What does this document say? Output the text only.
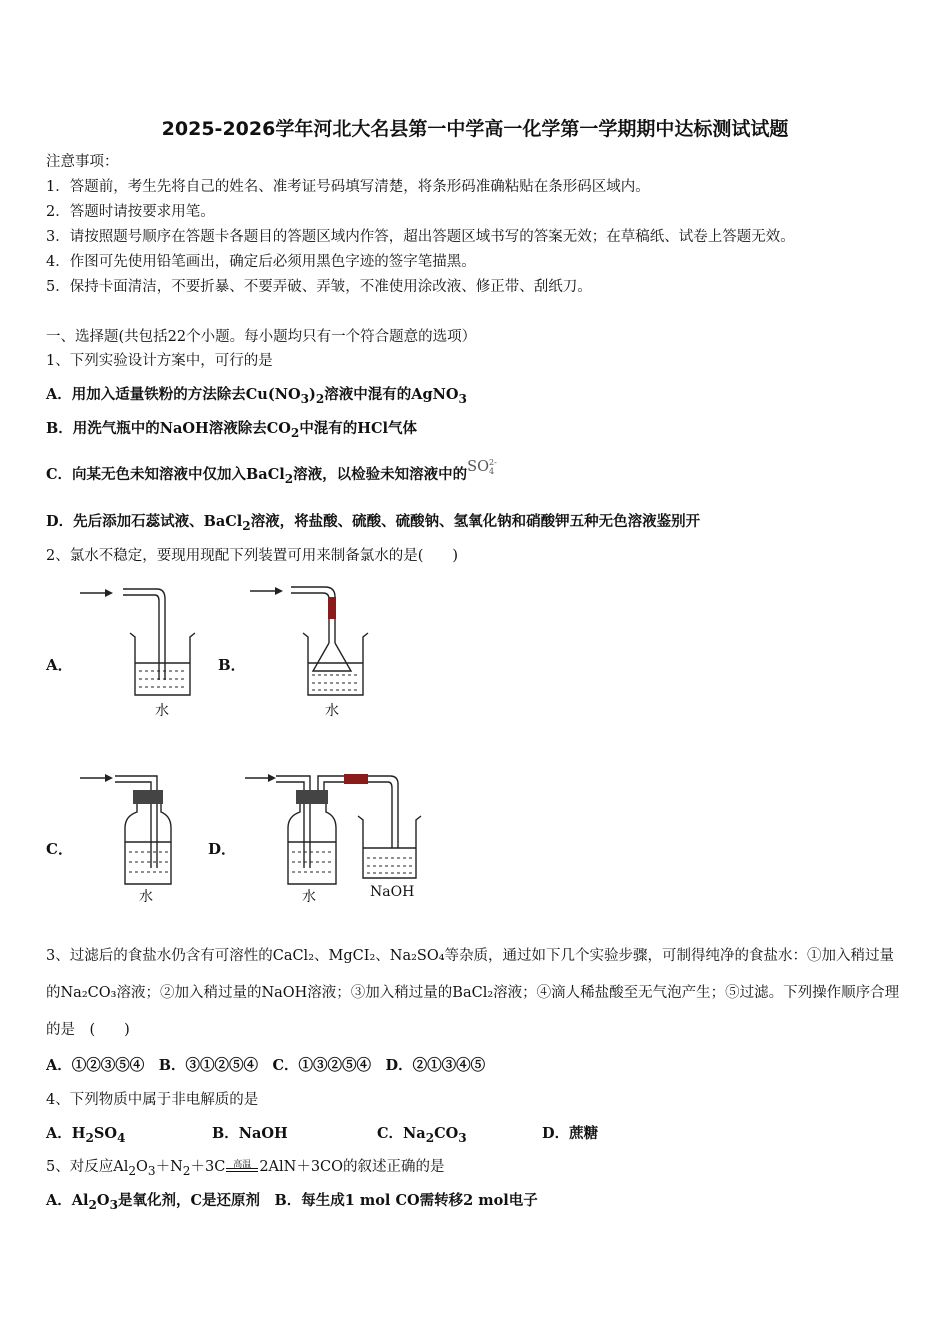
2025-2026学年河北大名县第一中学高一化学第一学期期中达标测试试题
注意事项：
1．答题前，考生先将自己的姓名、准考证号码填写清楚，将条形码准确粘贴在条形码区域内。
2．答题时请按要求用笔。
3．请按照题号顺序在答题卡各题目的答题区域内作答，超出答题区域书写的答案无效；在草稿纸、试卷上答题无效。
4．作图可先使用铅笔画出，确定后必须用黑色字迹的签字笔描黑。
5．保持卡面清洁，不要折暴、不要弄破、弄皱，不准使用涂改液、修正带、刮纸刀。
一、选择题(共包括22个小题。每小题均只有一个符合题意的选项）
1、下列实验设计方案中，可行的是
A．用加入适量铁粉的方法除去$Cu(NO_3)_2$溶液中混有的AgNO$_3$
B．用洗气瓶中的NaOH溶液除去$CO_2$中混有的HCl气体
C．向某无色未知溶液中仅加入BaCl$_2$溶液，以检验未知溶液中的SO 2-
4
D．先后添加石蕊试液、BaCl$_2$溶液，将盐酸、硫酸、硫酸钠、氢氧化钠和硝酸钾五种无色溶液鉴别开
2、氯水不稳定，要现用现配下列装置可用来制备氯水的是(　　)
A．
水
B．
水
C．
水
D．
水	NaOH
3、过滤后的食盐水仍含有可溶性的CaCl₂、MgCI₂、Na₂SO₄等杂质，通过如下几个实验步骤，可制得纯净的食盐水：①加入稍过量的Na₂CO₃溶液；②加入稍过量的NaOH溶液；③加入稍过量的BaCl₂溶液；④滴人稀盐酸至无气泡产生；⑤过滤。下列操作顺序合理的是　(　　)
A．①②③⑤④　B．③①②⑤④　C．①③②⑤④　D．②①③④⑤
4、下列物质中属于非电解质的是
A．$H_2SO_4$	B．NaOH	C．$Na_2CO_3$	D．蔗糖
5、对反应$Al_2O_3+N_2+3C$ 高温 2AlN＋3CO的叙述正确的是
A．$Al_2O_3$是氧化剂，C是还原剂　B．每生成1 mol CO需转移2 mol电子
